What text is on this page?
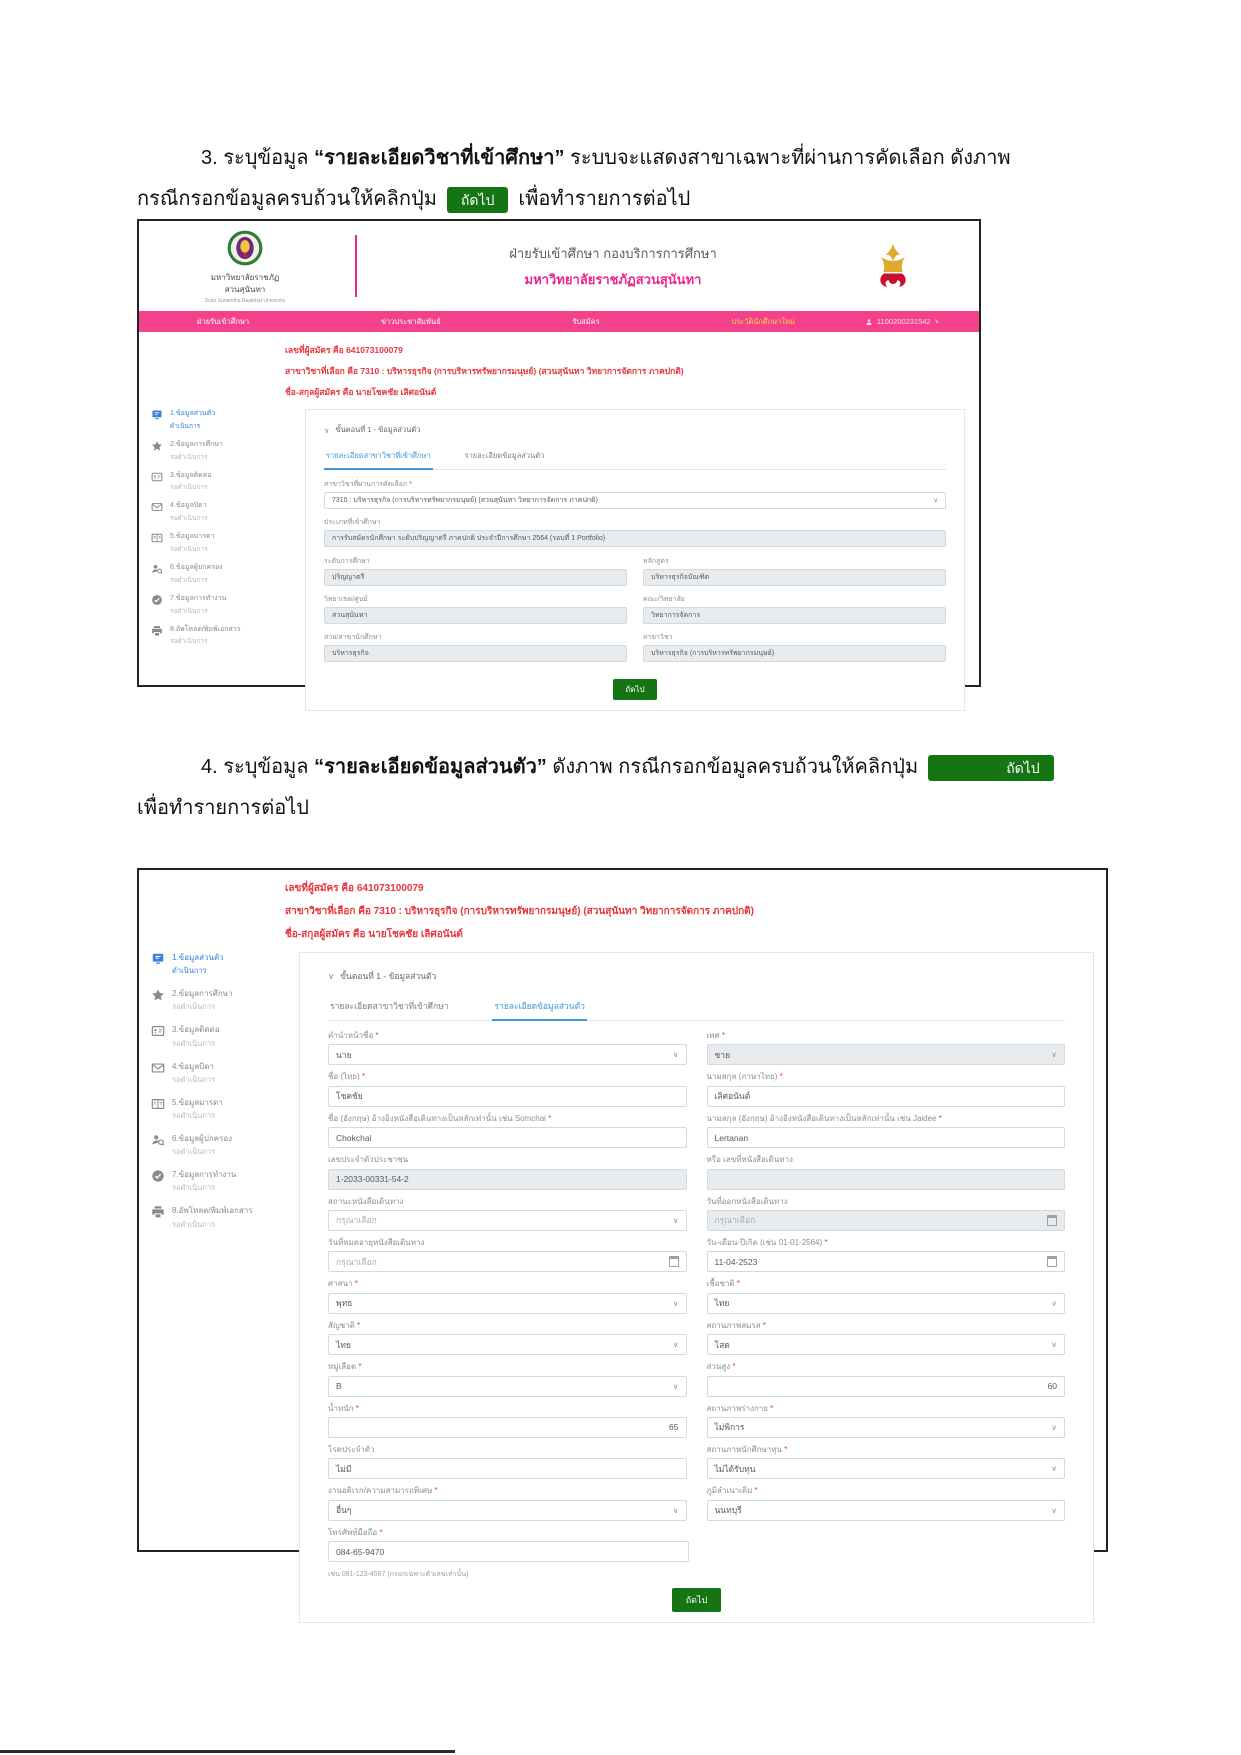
3. ระบุข้อมูล “รายละเอียดวิชาที่เข้าศึกษา” ระบบจะแสดงสาขาเฉพาะที่ผ่านการคัดเลือก ดังภาพ
กรณีกรอกข้อมูลครบถ้วนให้คลิกปุ่ม ถัดไป เพื่อทำรายการต่อไป
มหาวิทยาลัยราชภัฏ
สวนสุนันทา
Suan Sunandha Rajabhat University
ฝ่ายรับเข้าศึกษา กองบริการการศึกษา
มหาวิทยาลัยราชภัฏสวนสุนันทา
ฝ่ายรับเข้าศึกษา	ข่าวประชาสัมพันธ์	รับสมัคร	ประวัตินักศึกษาใหม่	1100200231542 ∨
เลขที่ผู้สมัคร คือ 641073100079
สาขาวิชาที่เลือก คือ 7310 : บริหารธุรกิจ (การบริหารทรัพยากรมนุษย์) (สวนสุนันทา วิทยาการจัดการ ภาคปกติ)
ชื่อ-สกุลผู้สมัคร คือ นายโชคชัย เลิศอนันต์
1.ข้อมูลส่วนตัว
ดำเนินการ
2.ข้อมูลการศึกษา
รอดำเนินการ
3.ข้อมูลติดต่อ
รอดำเนินการ
4.ข้อมูลบิดา
รอดำเนินการ
5.ข้อมูลมารดา
รอดำเนินการ
6.ข้อมูลผู้ปกครอง
รอดำเนินการ
7.ข้อมูลการทำงาน
รอดำเนินการ
8.อัพโหลด/พิมพ์เอกสาร
รอดำเนินการ
∨ ขั้นตอนที่ 1 - ข้อมูลส่วนตัว
รายละเอียดสาขาวิชาที่เข้าศึกษา	รายละเอียดข้อมูลส่วนตัว
สาขาวิชาที่ผ่านการคัดเลือก *
7310 : บริหารธุรกิจ (การบริหารทรัพยากรมนุษย์) (สวนสุนันทา วิทยาการจัดการ ภาคปกติ)	∨
ประเภทที่เข้าศึกษา
การรับสมัครนักศึกษา ระดับปริญญาตรี ภาคปกติ ประจำปีการศึกษา 2564 (รอบที่ 1 Portfolio)
ระดับการศึกษา
ปริญญาตรี
หลักสูตร
บริหารธุรกิจบัณฑิต
วิทยาเขต/ศูนย์
สวนสุนันทา
คณะ/วิทยาลัย
วิทยาการจัดการ
สาย/สาขานักศึกษา
บริหารธุรกิจ
สาขาวิชา
บริหารธุรกิจ (การบริหารทรัพยากรมนุษย์)
ถัดไป
4. ระบุข้อมูล “รายละเอียดข้อมูลส่วนตัว” ดังภาพ กรณีกรอกข้อมูลครบถ้วนให้คลิกปุ่ม	ถัดไป
เพื่อทำรายการต่อไป
เลขที่ผู้สมัคร คือ 641073100079
สาขาวิชาที่เลือก คือ 7310 : บริหารธุรกิจ (การบริหารทรัพยากรมนุษย์) (สวนสุนันทา วิทยาการจัดการ ภาคปกติ)
ชื่อ-สกุลผู้สมัคร คือ นายโชคชัย เลิศอนันต์
1.ข้อมูลส่วนตัว
ดำเนินการ
2.ข้อมูลการศึกษา
รอดำเนินการ
3.ข้อมูลติดต่อ
รอดำเนินการ
4.ข้อมูลบิดา
รอดำเนินการ
5.ข้อมูลมารดา
รอดำเนินการ
6.ข้อมูลผู้ปกครอง
รอดำเนินการ
7.ข้อมูลการทำงาน
รอดำเนินการ
8.อัพโหลด/พิมพ์เอกสาร
รอดำเนินการ
∨ ขั้นตอนที่ 1 - ข้อมูลส่วนตัว
รายละเอียดสาขาวิชาที่เข้าศึกษา	รายละเอียดข้อมูลส่วนตัว
คำนำหน้าชื่อ *
นาย	∨
เพศ *
ชาย	∨
ชื่อ (ไทย) *
โชคชัย
นามสกุล (ภาษาไทย) *
เลิศอนันต์
ชื่อ (อังกฤษ) อ้างอิงหนังสือเดินทางเป็นหลักเท่านั้น เช่น Somchai *
Chokchai
นามสกุล (อังกฤษ) อ้างอิงหนังสือเดินทางเป็นหลักเท่านั้น เช่น Jaidee *
Lertanan
เลขประจำตัวประชาชน
1-2033-00331-54-2
หรือ เลขที่หนังสือเดินทาง
สถานะหนังสือเดินทาง
กรุณาเลือก	∨
วันที่ออกหนังสือเดินทาง
กรุณาเลือก
วันที่หมดอายุหนังสือเดินทาง
กรุณาเลือก
วัน-เดือน-ปีเกิด (เช่น 01-01-2564) *
11-04-2523
ศาสนา *
พุทธ	∨
เชื้อชาติ *
ไทย	∨
สัญชาติ *
ไทย	∨
สถานภาพสมรส *
โสด	∨
หมู่เลือด *
B	∨
ส่วนสูง *
60
น้ำหนัก *
65
สถานภาพร่างกาย *
ไม่พิการ	∨
โรคประจำตัว
ไม่มี
สถานภาพนักศึกษาทุน *
ไม่ได้รับทุน	∨
งานอดิเรก/ความสามารถพิเศษ *
อื่นๆ	∨
ภูมิลำเนาเดิม *
นนทบุรี	∨
โทรศัพท์มือถือ *
084-65-9470
เช่น 081-123-4567 (กรอกเฉพาะตัวเลขเท่านั้น)
ถัดไป
